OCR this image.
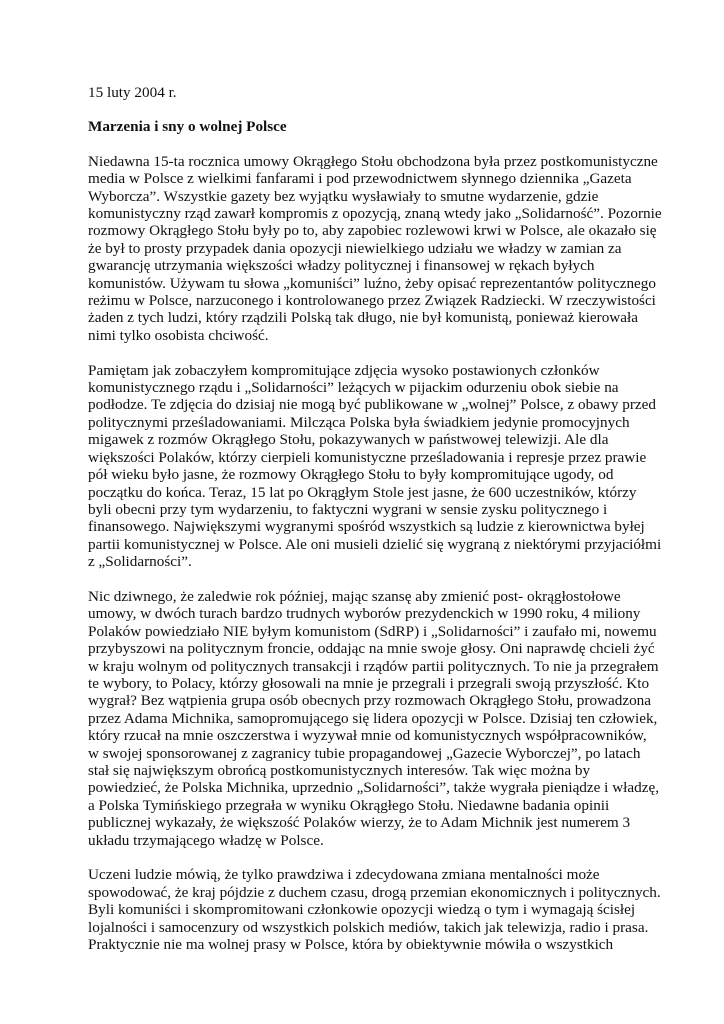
15 luty 2004 r.
Marzenia i sny o wolnej Polsce
Niedawna 15-ta rocznica umowy Okrągłego Stołu obchodzona była przez postkomunistyczne
media w Polsce z wielkimi fanfarami i pod przewodnictwem słynnego dziennika „Gazeta
Wyborcza”. Wszystkie gazety bez wyjątku wysławiały to smutne wydarzenie, gdzie
komunistyczny rząd zawarł kompromis z opozycją, znaną wtedy jako „Solidarność”. Pozornie
rozmowy Okrągłego Stołu były po to, aby zapobiec rozlewowi krwi w Polsce, ale okazało się
że był to prosty przypadek dania opozycji niewielkiego udziału we władzy w zamian za
gwarancję utrzymania większości władzy politycznej i finansowej w rękach byłych
komunistów. Używam tu słowa „komuniści” luźno, żeby opisać reprezentantów politycznego
reżimu w Polsce, narzuconego i kontrolowanego przez Związek Radziecki. W rzeczywistości
żaden z tych ludzi, który rządzili Polską tak długo, nie był komunistą, ponieważ kierowała
nimi tylko osobista chciwość.
Pamiętam jak zobaczyłem kompromitujące zdjęcia wysoko postawionych członków
komunistycznego rządu i „Solidarności” leżących w pijackim odurzeniu obok siebie na
podłodze. Te zdjęcia do dzisiaj nie mogą być publikowane w „wolnej” Polsce, z obawy przed
politycznymi prześladowaniami. Milcząca Polska była świadkiem jedynie promocyjnych
migawek z rozmów Okrągłego Stołu, pokazywanych w państwowej telewizji. Ale dla
większości Polaków, którzy cierpieli komunistyczne prześladowania i represje przez prawie
pół wieku było jasne, że rozmowy Okrągłego Stołu to były kompromitujące ugody, od
początku do końca. Teraz, 15 lat po Okrągłym Stole jest jasne, że 600 uczestników, którzy
byli obecni przy tym wydarzeniu, to faktyczni wygrani w sensie zysku politycznego i
finansowego. Największymi wygranymi spośród wszystkich są ludzie z kierownictwa byłej
partii komunistycznej w Polsce. Ale oni musieli dzielić się wygraną z niektórymi przyjaciółmi
z „Solidarności”.
Nic dziwnego, że zaledwie rok później, mając szansę aby zmienić post- okrągłostołowe
umowy, w dwóch turach bardzo trudnych wyborów prezydenckich w 1990 roku, 4 miliony
Polaków powiedziało NIE byłym komunistom (SdRP) i „Solidarności” i zaufało mi, nowemu
przybyszowi na politycznym froncie, oddając na mnie swoje głosy. Oni naprawdę chcieli żyć
w kraju wolnym od politycznych transakcji i rządów partii politycznych. To nie ja przegrałem
te wybory, to Polacy, którzy głosowali na mnie je przegrali i przegrali swoją przyszłość. Kto
wygrał? Bez wątpienia grupa osób obecnych przy rozmowach Okrągłego Stołu, prowadzona
przez Adama Michnika, samopromującego się lidera opozycji w Polsce. Dzisiaj ten człowiek,
który rzucał na mnie oszczerstwa i wyzywał mnie od komunistycznych współpracowników,
w swojej sponsorowanej z zagranicy tubie propagandowej „Gazecie Wyborczej”, po latach
stał się największym obrońcą postkomunistycznych interesów. Tak więc można by
powiedzieć, że Polska Michnika, uprzednio „Solidarności”, także wygrała pieniądze i władzę,
a Polska Tymińskiego przegrała w wyniku Okrągłego Stołu. Niedawne badania opinii
publicznej wykazały, że większość Polaków wierzy, że to Adam Michnik jest numerem 3
układu trzymającego władzę w Polsce.
Uczeni ludzie mówią, że tylko prawdziwa i zdecydowana zmiana mentalności może
spowodować, że kraj pójdzie z duchem czasu, drogą przemian ekonomicznych i politycznych.
Byli komuniści i skompromitowani członkowie opozycji wiedzą o tym i wymagają ścisłej
lojalności i samocenzury od wszystkich polskich mediów, takich jak telewizja, radio i prasa.
Praktycznie nie ma wolnej prasy w Polsce, która by obiektywnie mówiła o wszystkich
